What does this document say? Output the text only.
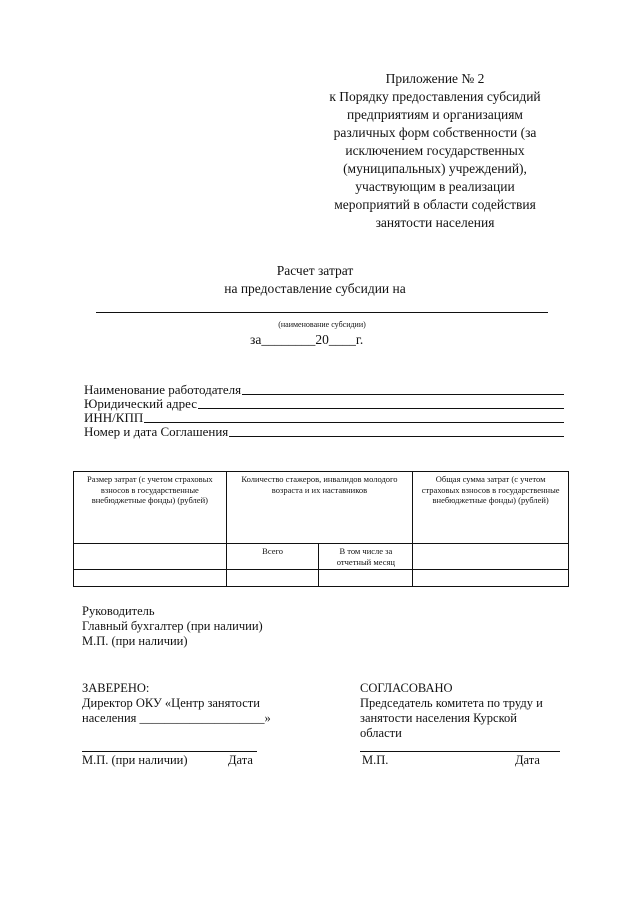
Приложение № 2
к Порядку предоставления субсидий
предприятиям и организациям
различных форм собственности (за
исключением государственных
(муниципальных) учреждений),
участвующим в реализации
мероприятий в области содействия
занятости населения
Расчет затрат
на предоставление субсидии на
(наименование субсидии)
за________20____г.
Наименование работодателя
Юридический адрес
ИНН/КПП
Номер и дата Соглашения
Размер затрат (с учетом страховых взносов в государственные внебюджетные фонды) (рублей)	Количество стажеров, инвалидов молодого возраста и их наставников		Общая сумма затрат (с учетом страховых взносов в государственные внебюджетные фонды) (рублей)
	Всего	В том числе за отчетный месяц	

Руководитель
Главный бухгалтер (при наличии)
М.П. (при наличии)
ЗАВЕРЕНО:
Директор ОКУ «Центр занятости
населения ____________________»
М.П. (при наличии)	Дата
СОГЛАСОВАНО
Председатель комитета по труду и
занятости населения Курской
области
М.П.	Дата
